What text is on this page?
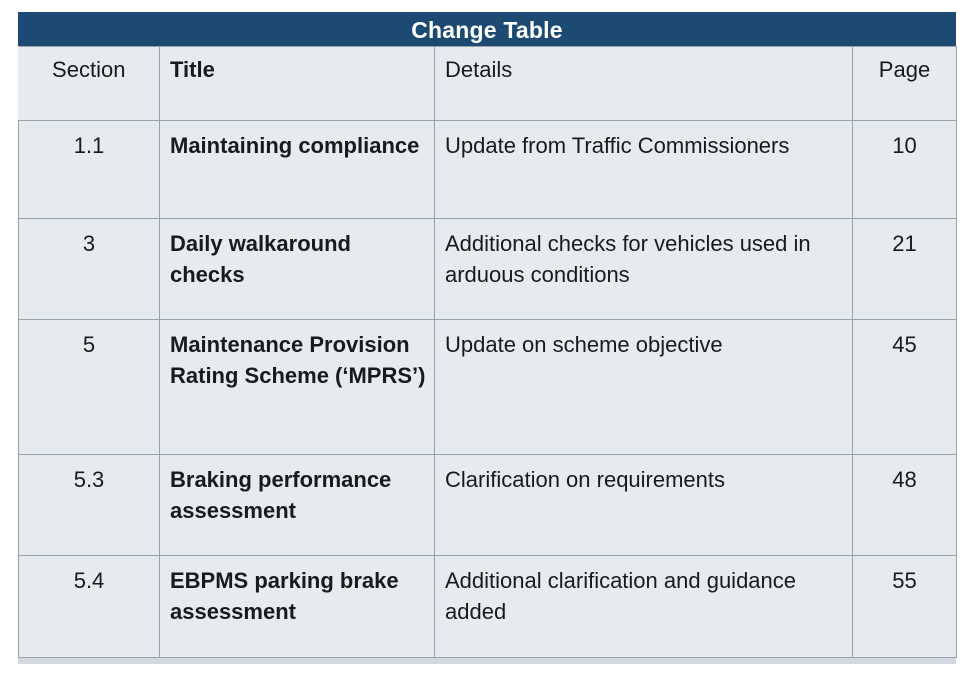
Change Table
Section	Title	Details	Page

1.1	Maintaining compliance	Update from Traffic Commissioners	10

3	Daily walkaround checks	Additional checks for vehicles used in arduous conditions	21

5	Maintenance Provision Rating Scheme (‘MPRS’)	Update on scheme objective	45

5.3	Braking performance assessment	Clarification on requirements	48

5.4	EBPMS parking brake assessment	Additional clarification and guidance added	55
